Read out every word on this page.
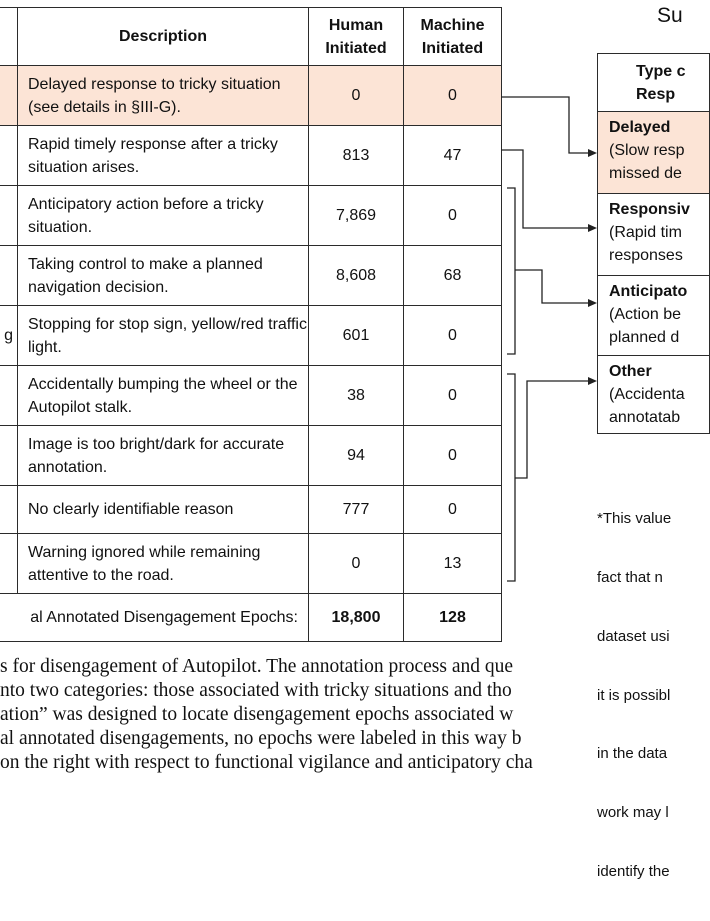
	Description	Human Initiated	Machine Initiated
	Delayed response to tricky situation (see details in §III-G).	0	0
	Rapid timely response after a tricky situation arises.	813	47
	Anticipatory action before a tricky situation.	7,869	0
	Taking control to make a planned navigation decision.	8,608	68
g	Stopping for stop sign, yellow/red traffic light.	601	0
	Accidentally bumping the wheel or the Autopilot stalk.	38	0
	Image is too bright/dark for accurate annotation.	94	0
	No clearly identifiable reason	777	0
	Warning ignored while remaining attentive to the road.	0	13
al Annotated Disengagement Epochs:		18,800	128
Su
Type c Resp

Delayed
(Slow resp missed de

Responsiv
(Rapid tim responses

Anticipato
(Action be planned d

Other
(Accidenta annotatab

*This value

fact that n

dataset usi

it is possibl

in the data

work may l

identify the

s for disengagement of Autopilot. The annotation process and que
nto two categories: those associated with tricky situations and tho
ation” was designed to locate disengagement epochs associated w
al annotated disengagements, no epochs were labeled in this way b
on the right with respect to functional vigilance and anticipatory cha
